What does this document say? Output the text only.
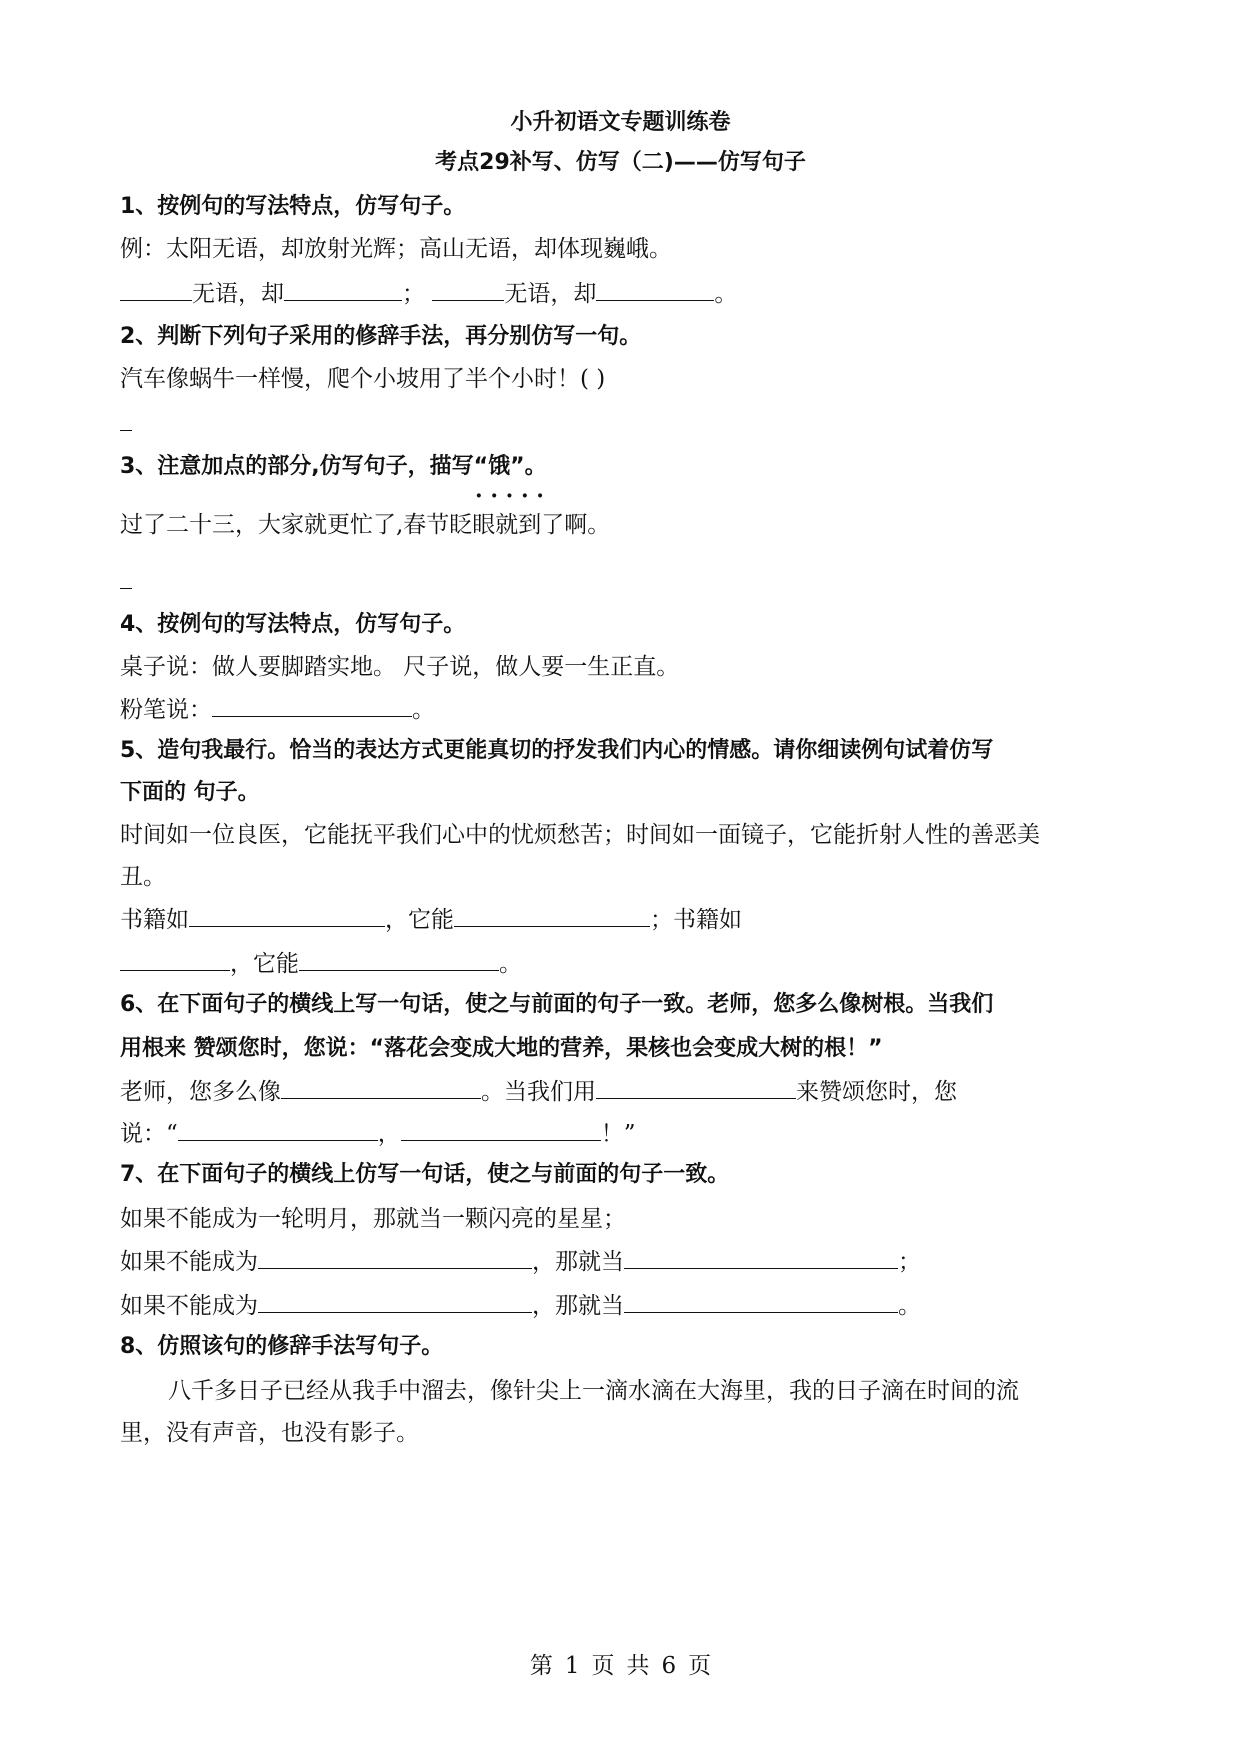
小升初语文专题训练卷
考点29补写、仿写（二)——仿写句子
1、按例句的写法特点，仿写句子。
例：太阳无语，却放射光辉；高山无语，却体现巍峨。
无语，却	；	无语，却	。
2、判断下列句子采用的修辞手法，再分别仿写一句。
汽车像蜗牛一样慢，爬个小坡用了半个小时！( )
3、注意加点的部分,仿写句子，描写“饿”。
· · · · ·
过了二十三，大家就更忙了,春节眨眼就到了啊。
4、按例句的写法特点，仿写句子。
桌子说：做人要脚踏实地。 尺子说，做人要一生正直。
粉笔说：	。
5、造句我最行。恰当的表达方式更能真切的抒发我们内心的情感。请你细读例句试着仿写
下面的 句子。
时间如一位良医，它能抚平我们心中的忧烦愁苦；时间如一面镜子，它能折射人性的善恶美
丑。
书籍如	，它能	；书籍如
，它能	。
6、在下面句子的横线上写一句话，使之与前面的句子一致。老师，您多么像树根。当我们
用根来 赞颂您时，您说：“落花会变成大地的营养，果核也会变成大树的根！”
老师，您多么像	。当我们用	来赞颂您时，您
说：“	，	！”
7、在下面句子的横线上仿写一句话，使之与前面的句子一致。
如果不能成为一轮明月，那就当一颗闪亮的星星；
如果不能成为	，那就当	；
如果不能成为	，那就当	。
8、仿照该句的修辞手法写句子。
八千多日子已经从我手中溜去，像针尖上一滴水滴在大海里，我的日子滴在时间的流
里，没有声音，也没有影子。
第 1 页 共 6 页
